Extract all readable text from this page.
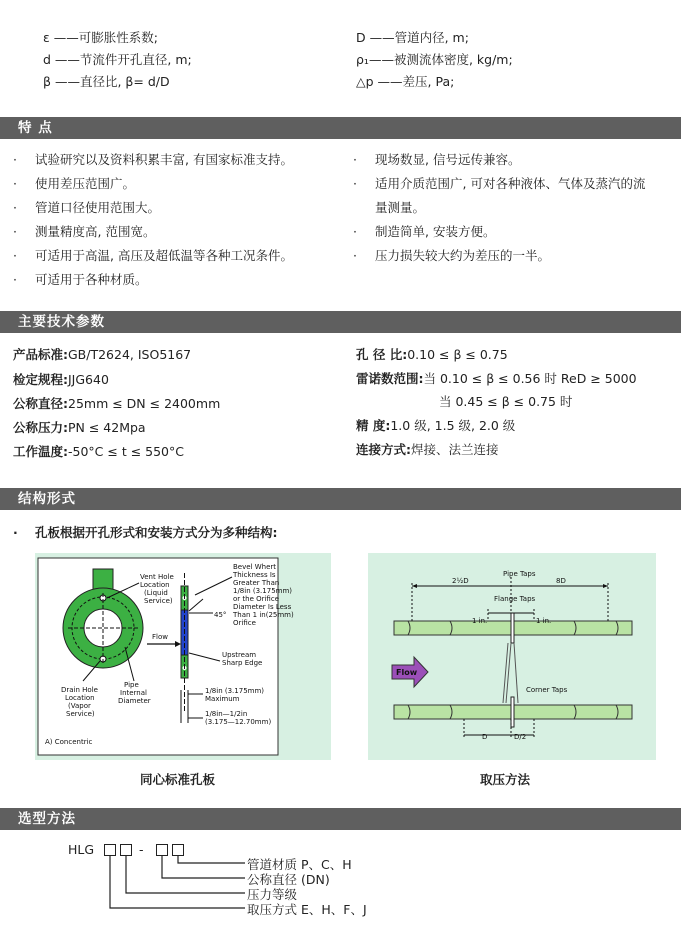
ε ——可膨胀性系数;
d ——节流件开孔直径, m;
β ——直径比, β= d/D
D ——管道内径, m;
ρ₁——被测流体密度, kg/m;
△p ——差压, Pa;
特 点
· 试验研究以及资料积累丰富, 有国家标准支持。
· 使用差压范围广。
· 管道口径使用范围大。
· 测量精度高, 范围宽。
· 可适用于高温, 高压及超低温等各种工况条件。
· 可适用于各种材质。
· 现场数显, 信号远传兼容。
· 适用介质范围广, 可对各种液体、气体及蒸汽的流
量测量。
· 制造简单, 安装方便。
· 压力损失较大约为差压的一半。
主要技术参数
产品标准:GB/T2624, ISO5167
检定规程:JJG640
公称直径:25mm ≤ DN ≤ 2400mm
公称压力:PN ≤ 42Mpa
工作温度:-50°C ≤ t ≤ 550°C
孔 径 比:0.10 ≤ β ≤ 0.75
雷诺数范围:当 0.10 ≤ β ≤ 0.56 时 ReD ≥ 5000
当 0.45 ≤ β ≤ 0.75 时
精 度:1.0 级, 1.5 级, 2.0 级
连接方式:焊接、法兰连接
结构形式
· 孔板根据开孔形式和安装方式分为多种结构:
Vent Hole
Location
(Liquid
Service)
Bevel Whert
Thickness Is
Greater Than
1/8in (3.175mm)
or the Orifice
Diameter Is Less
Than 1 in(25mm)
Orifice
45°
Flow
Upstream
Sharp Edge
Pipe
Internal
Diameter
Drain Hole
Location
(Vapor
Service)
1/8in (3.175mm)
Maximum
1/8in—1/2in
(3.175—12.70mm)
A) Concentric
同心标准孔板
Pipe Taps
2½D	8D
Flange Taps
1 in.	1 in.
Flow
Corner Taps
D	D/2
取压方法
选型方法
HLG	-
管道材质 P、C、H
公称直径 (DN)
压力等级
取压方式 E、H、F、J
